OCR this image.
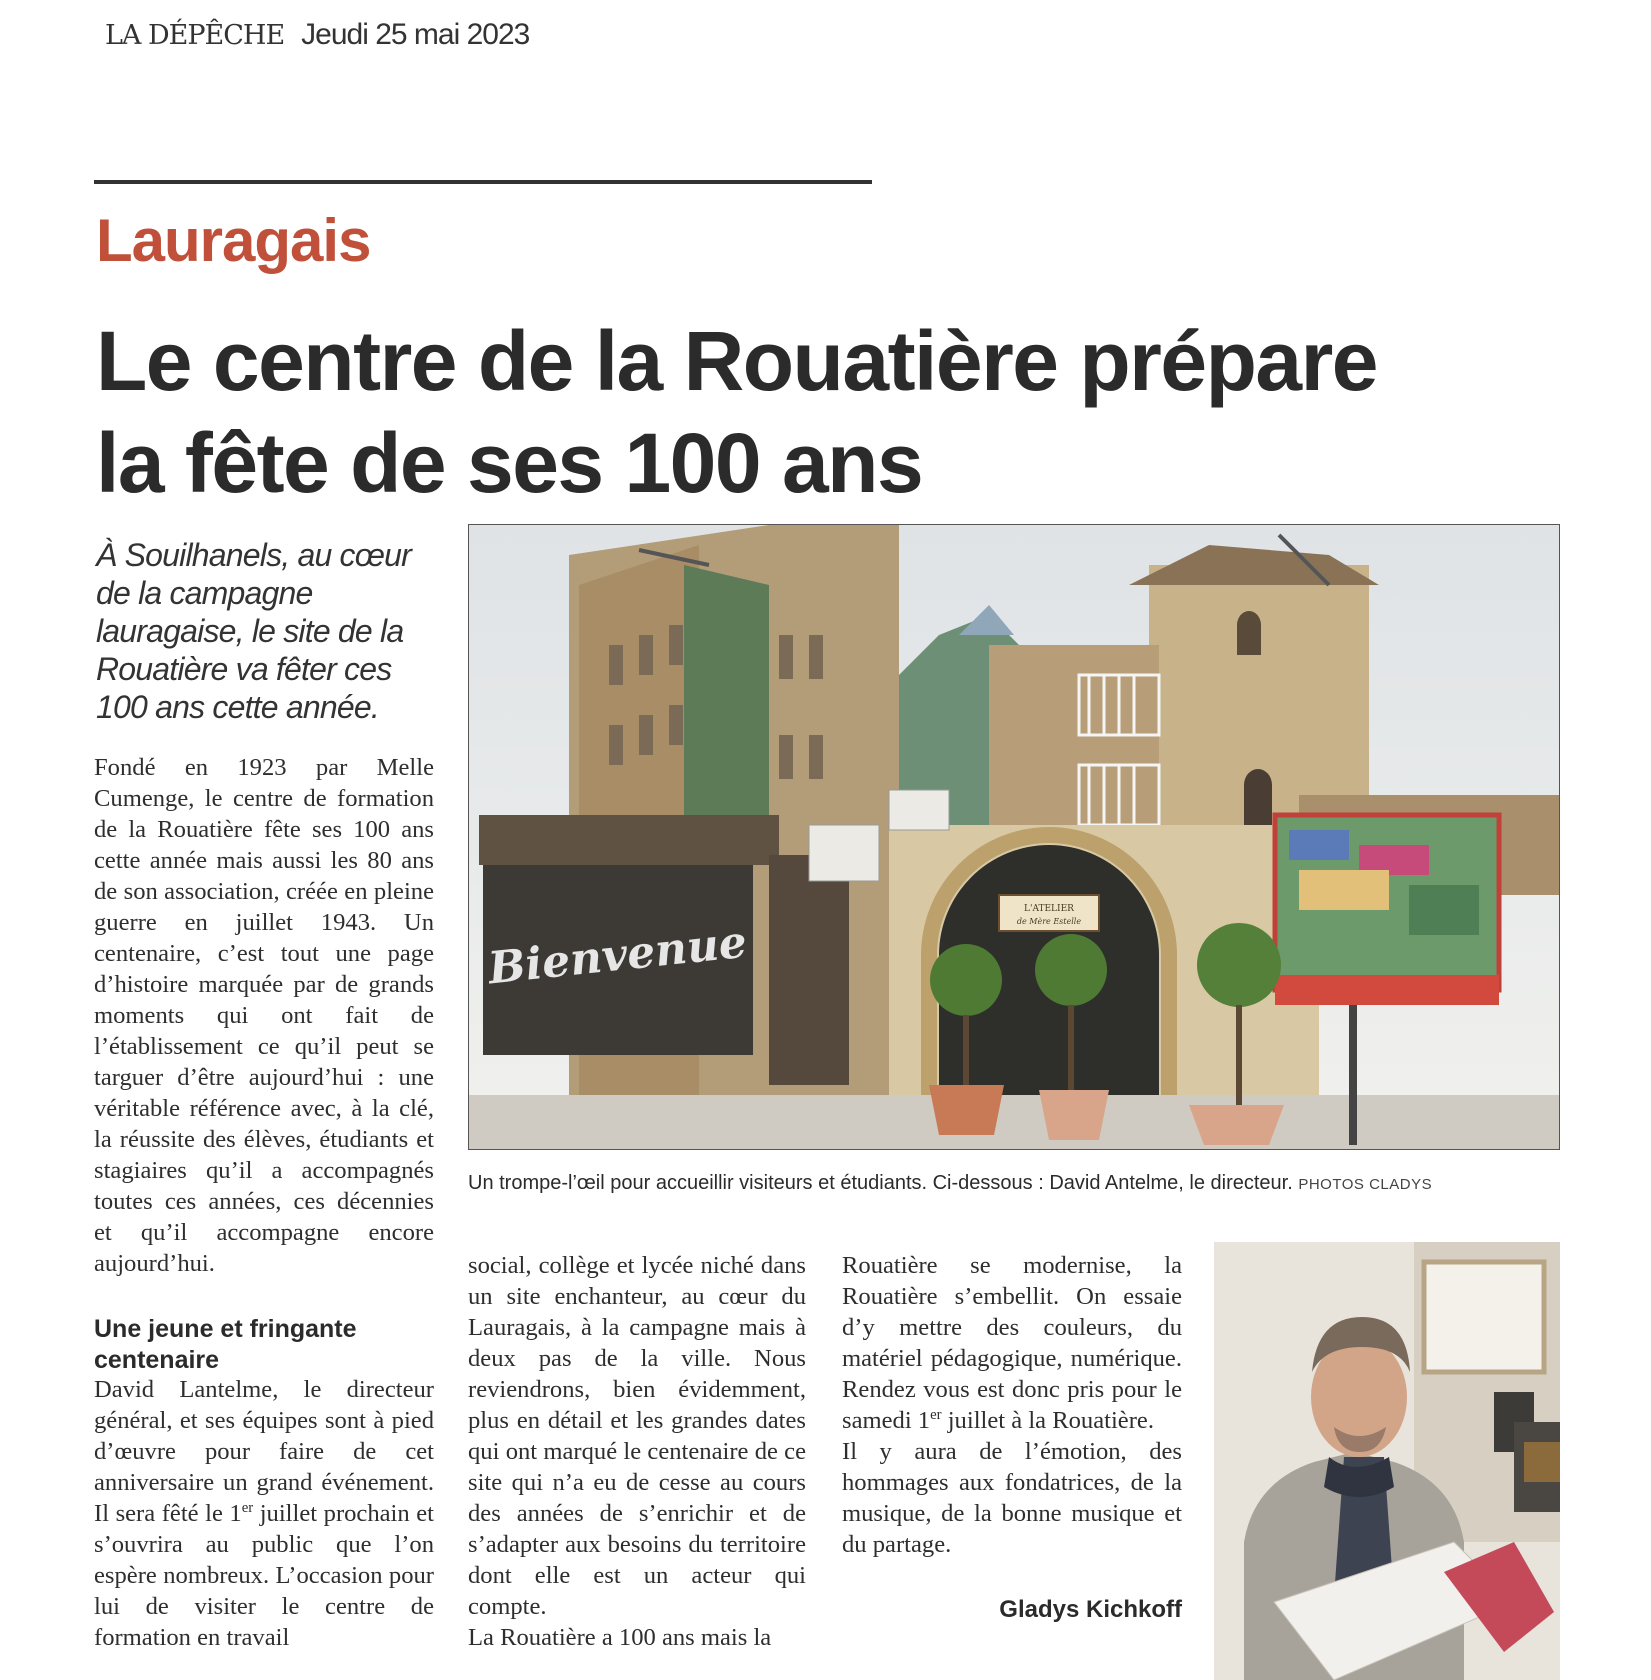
LA DÉPÊCHE Jeudi 25 mai 2023
Lauragais
Le centre de la Rouatière prépare
la fête de ses 100 ans
À Souilhanels, au cœur de la campagne lauragaise, le site de la Rouatière va fêter ces 100 ans cette année.
Fondé en 1923 par Melle Cumenge, le centre de formation de la Rouatière fête ses 100 ans cette année mais aussi les 80 ans de son association, créée en pleine guerre en juillet 1943. Un centenaire, c’est tout une page d’histoire marquée par de grands moments qui ont fait de l’établissement ce qu’il peut se targuer d’être aujourd’hui : une véritable référence avec, à la clé, la réussite des élèves, étudiants et stagiaires qu’il a accompagnés toutes ces années, ces décennies et qu’il accompagne encore aujourd’hui.
Une jeune et fringante centenaire
David Lantelme, le directeur général, et ses équipes sont à pied d’œuvre pour faire de cet anniversaire un grand événement. Il sera fêté le 1er juillet prochain et s’ouvrira au public que l’on espère nombreux. L’occasion pour lui de visiter le centre de formation en travail
social, collège et lycée niché dans un site enchanteur, au cœur du Lauragais, à la campagne mais à deux pas de la ville. Nous reviendrons, bien évidemment, plus en détail et les grandes dates qui ont marqué le centenaire de ce site qui n’a eu de cesse au cours des années de s’enrichir et de s’adapter aux besoins du territoire dont elle est un acteur qui compte.
La Rouatière a 100 ans mais la
Rouatière se modernise, la Rouatière s’embellit. On essaie d’y mettre des couleurs, du matériel pédagogique, numérique. Rendez vous est donc pris pour le samedi 1er juillet à la Rouatière.
Il y aura de l’émotion, des hommages aux fondatrices, de la musique, de la bonne musique et du partage.
Gladys Kichkoff
L'ATELIER
de Mère Estelle
Bienvenue
Un trompe-l’œil pour accueillir visiteurs et étudiants. Ci-dessous : David Antelme, le directeur. PHOTOS CLADYS
